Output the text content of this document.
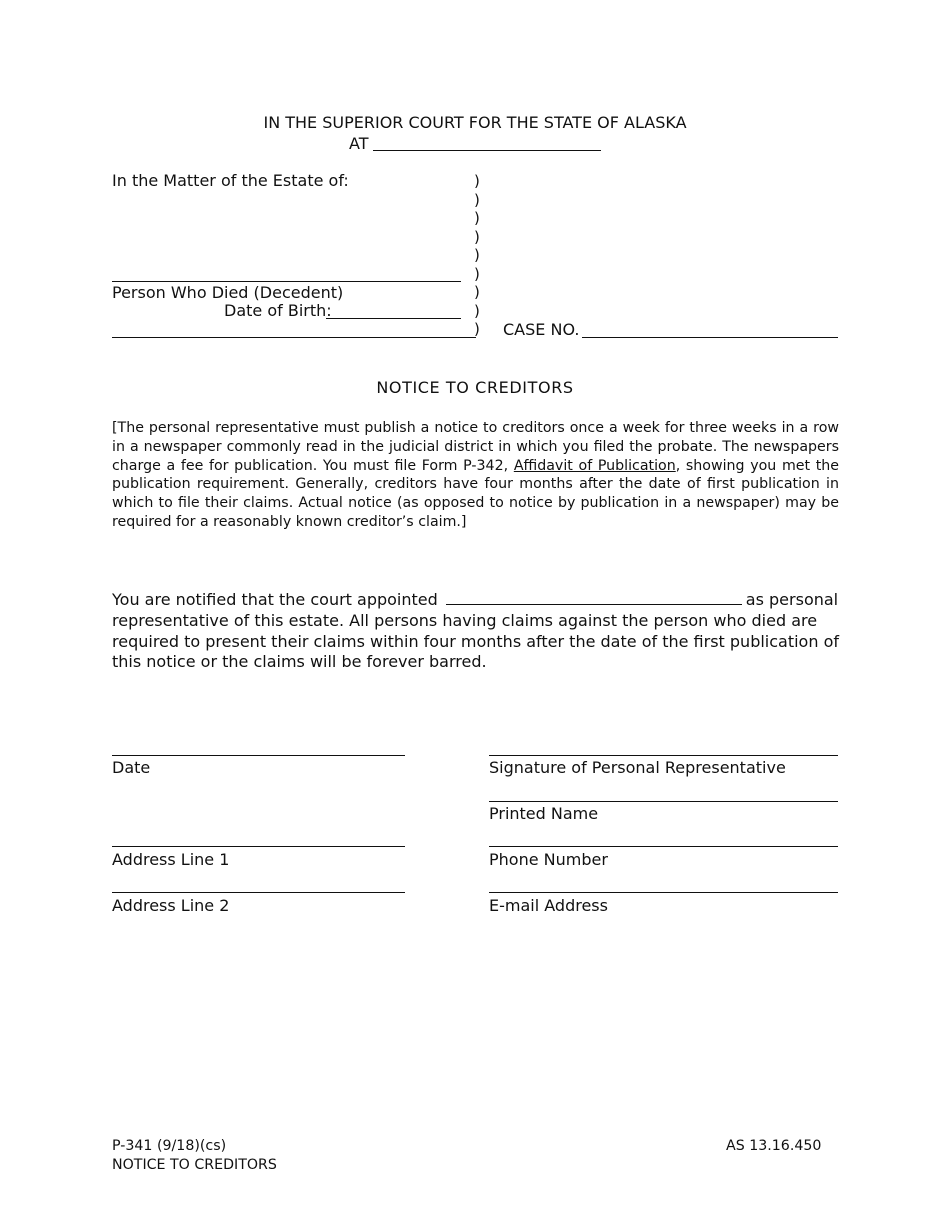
IN THE SUPERIOR COURT FOR THE STATE OF ALASKA
AT
In the Matter of the Estate of:
Person Who Died (Decedent)
Date of Birth:
)
)
)
)
)
)
)
)
) CASE NO.
NOTICE TO CREDITORS
[The personal representative must publish a notice to creditors once a week for three weeks in a row in a newspaper commonly read in the judicial district in which you filed the probate. The newspapers charge a fee for publication. You must file Form P-342, Affidavit of Publication, showing you met the publication requirement. Generally, creditors have four months after the date of first publication in which to file their claims. Actual notice (as opposed to notice by publication in a newspaper) may be required for a reasonably known creditor’s claim.]
You are notified that the court appointed	as personal representative of this estate. All persons having claims against the person who died are required to present their claims within four months after the date of the first publication of this notice or the claims will be forever barred.
Date
Address Line 1
Address Line 2
Signature of Personal Representative
Printed Name
Phone Number
E-mail Address
P-341 (9/18)(cs)
NOTICE TO CREDITORS
AS 13.16.450
